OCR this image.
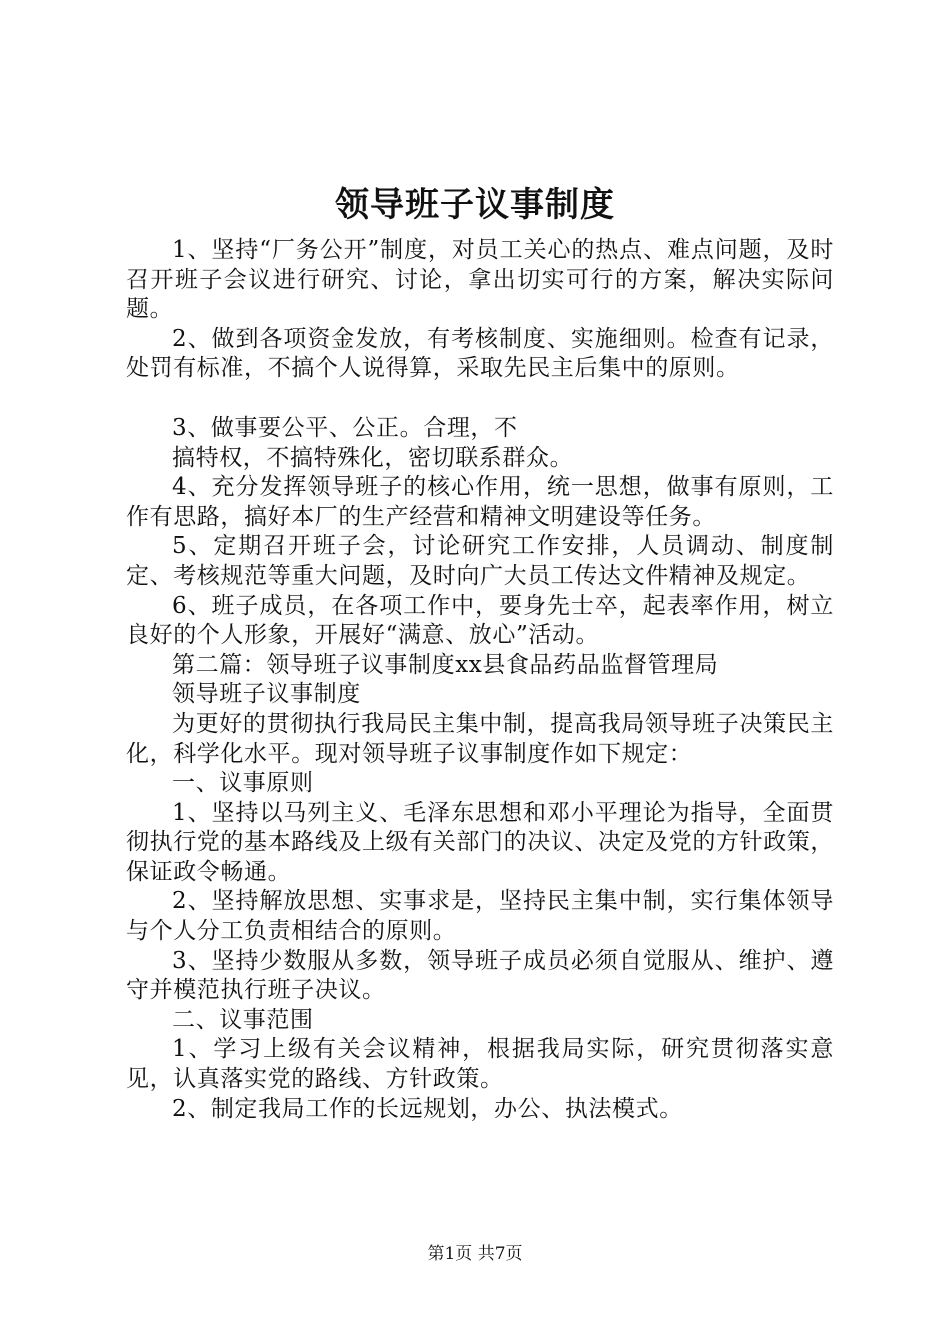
领导班子议事制度

1、坚持“厂务公开”制度，对员工关心的热点、难点问题，及时召开班子会议进行研究、讨论，拿出切实可行的方案，解决实际问题。

2、做到各项资金发放，有考核制度、实施细则。检查有记录，处罚有标准，不搞个人说得算，采取先民主后集中的原则。

3、做事要公平、公正。合理，不

搞特权，不搞特殊化，密切联系群众。

4、充分发挥领导班子的核心作用，统一思想，做事有原则，工作有思路，搞好本厂的生产经营和精神文明建设等任务。

5、定期召开班子会，讨论研究工作安排，人员调动、制度制定、考核规范等重大问题，及时向广大员工传达文件精神及规定。

6、班子成员，在各项工作中，要身先士卒，起表率作用，树立良好的个人形象，开展好“满意、放心”活动。

第二篇：领导班子议事制度xx县食品药品监督管理局

领导班子议事制度

为更好的贯彻执行我局民主集中制，提高我局领导班子决策民主化，科学化水平。现对领导班子议事制度作如下规定：

一、议事原则

1、坚持以马列主义、毛泽东思想和邓小平理论为指导，全面贯彻执行党的基本路线及上级有关部门的决议、决定及党的方针政策，保证政令畅通。

2、坚持解放思想、实事求是，坚持民主集中制，实行集体领导与个人分工负责相结合的原则。

3、坚持少数服从多数，领导班子成员必须自觉服从、维护、遵守并模范执行班子决议。

二、议事范围

1、学习上级有关会议精神，根据我局实际，研究贯彻落实意见，认真落实党的路线、方针政策。

2、制定我局工作的长远规划，办公、执法模式。

第1页 共7页
